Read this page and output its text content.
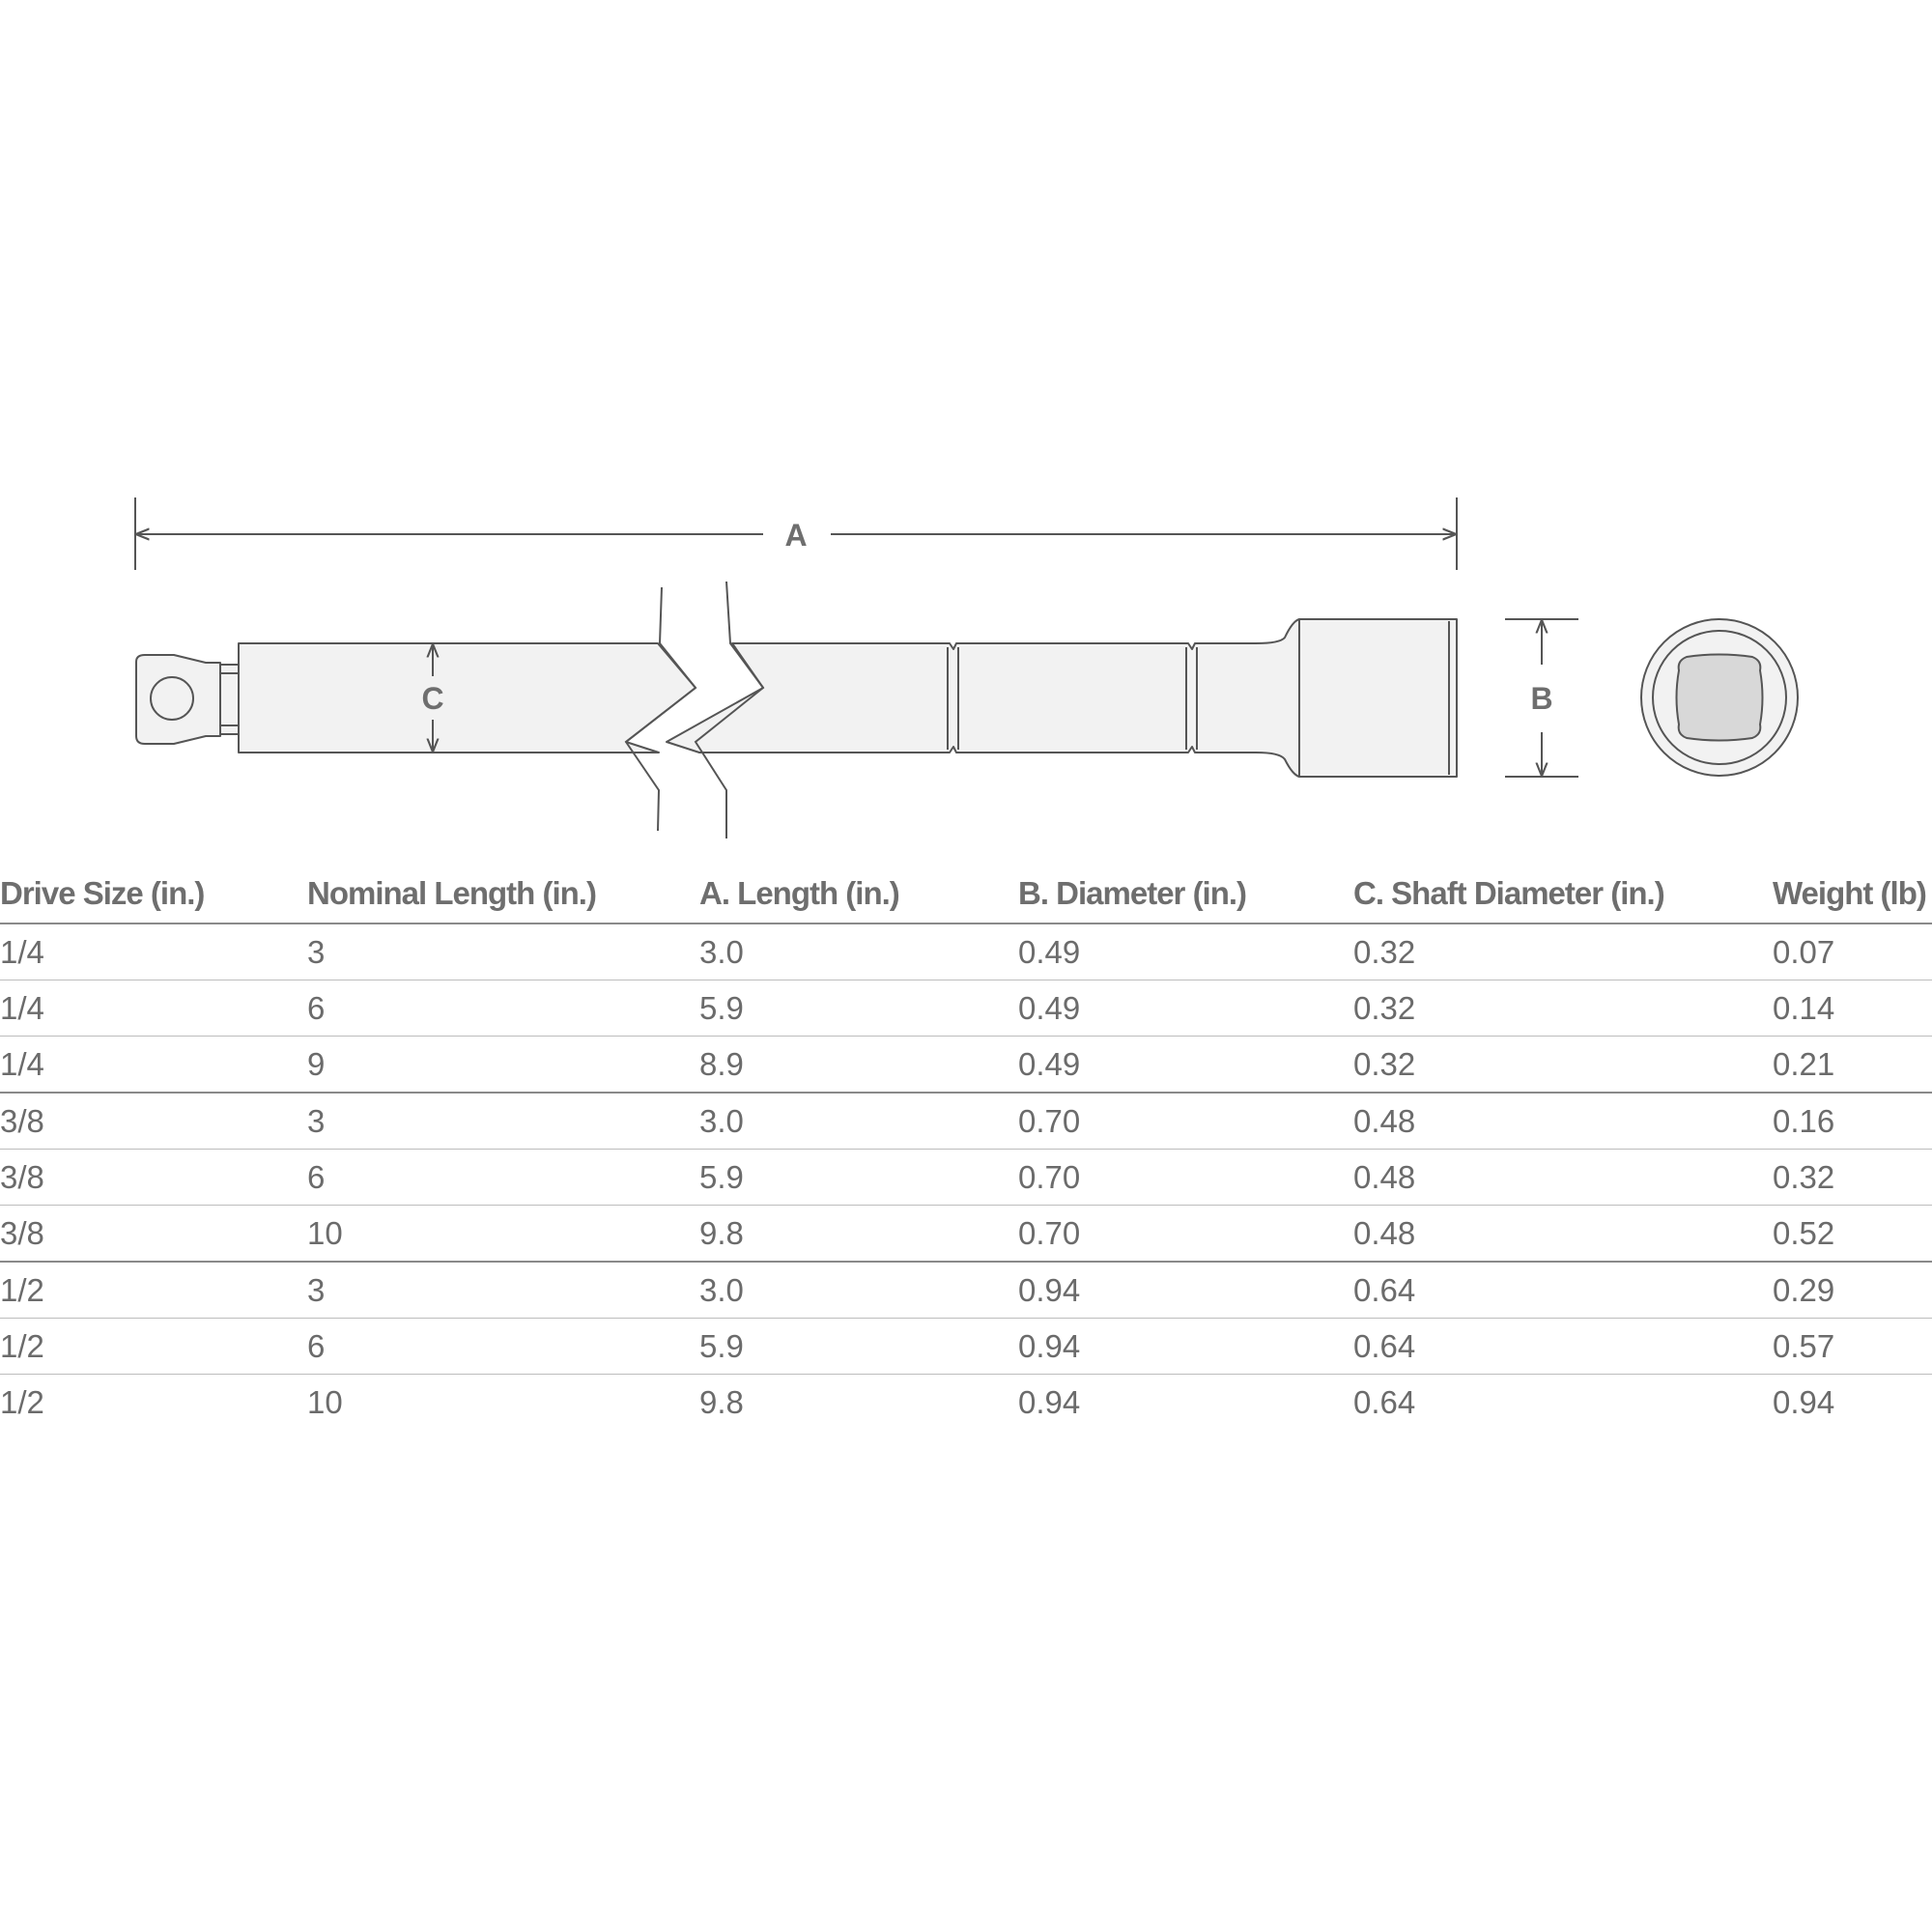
A
C	B
Drive Size (in.)	Nominal Length (in.)	A. Length (in.)	B. Diameter (in.)	C. Shaft Diameter (in.)	Weight (lb)
1/4	3	3.0	0.49	0.32	0.07
1/4	6	5.9	0.49	0.32	0.14
1/4	9	8.9	0.49	0.32	0.21
3/8	3	3.0	0.70	0.48	0.16
3/8	6	5.9	0.70	0.48	0.32
3/8	10	9.8	0.70	0.48	0.52
1/2	3	3.0	0.94	0.64	0.29
1/2	6	5.9	0.94	0.64	0.57
1/2	10	9.8	0.94	0.64	0.94
